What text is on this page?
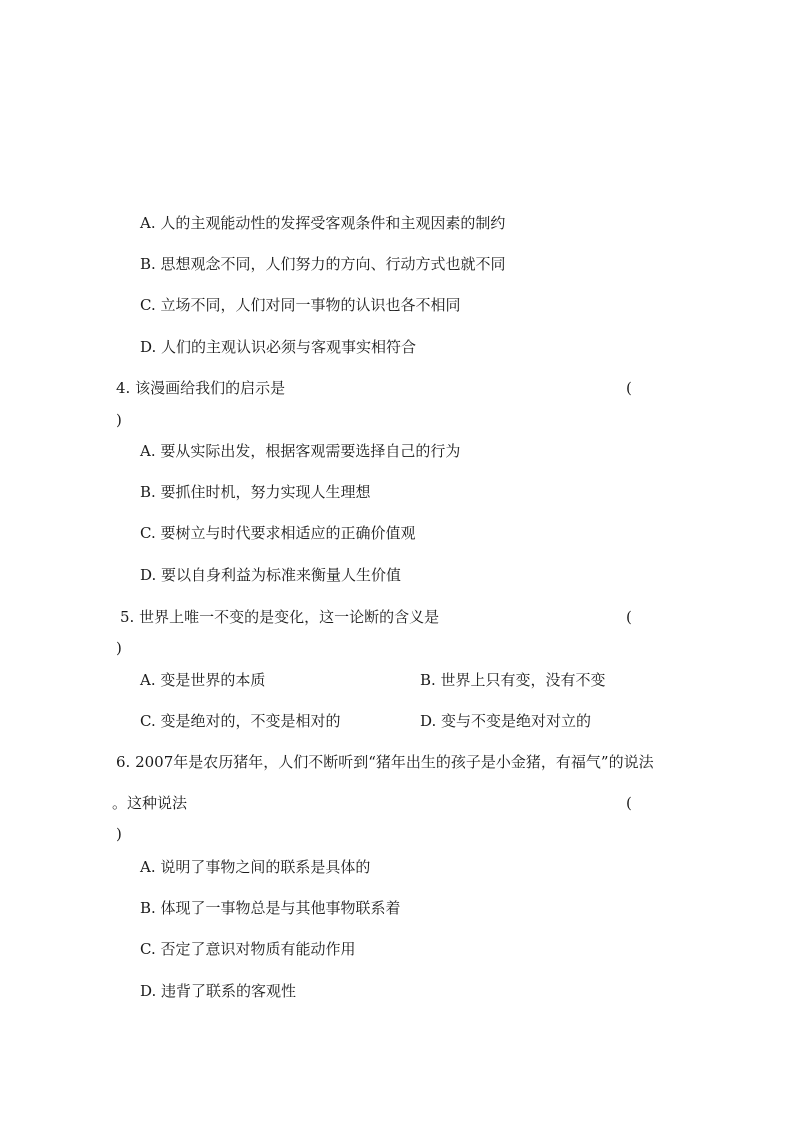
A. 人的主观能动性的发挥受客观条件和主观因素的制约
B. 思想观念不同，人们努力的方向、行动方式也就不同
C. 立场不同，人们对同一事物的认识也各不相同
D. 人们的主观认识必须与客观事实相符合
4. 该漫画给我们的启示是	(
)
A. 要从实际出发，根据客观需要选择自己的行为
B. 要抓住时机，努力实现人生理想
C. 要树立与时代要求相适应的正确价值观
D. 要以自身利益为标准来衡量人生价值
5. 世界上唯一不变的是变化，这一论断的含义是	(
)
A. 变是世界的本质	B. 世界上只有变，没有不变
C. 变是绝对的，不变是相对的	D. 变与不变是绝对对立的
6. 2007年是农历猪年，人们不断听到“猪年出生的孩子是小金猪，有福气”的说法
。这种说法	(
)
A. 说明了事物之间的联系是具体的
B. 体现了一事物总是与其他事物联系着
C. 否定了意识对物质有能动作用
D. 违背了联系的客观性
